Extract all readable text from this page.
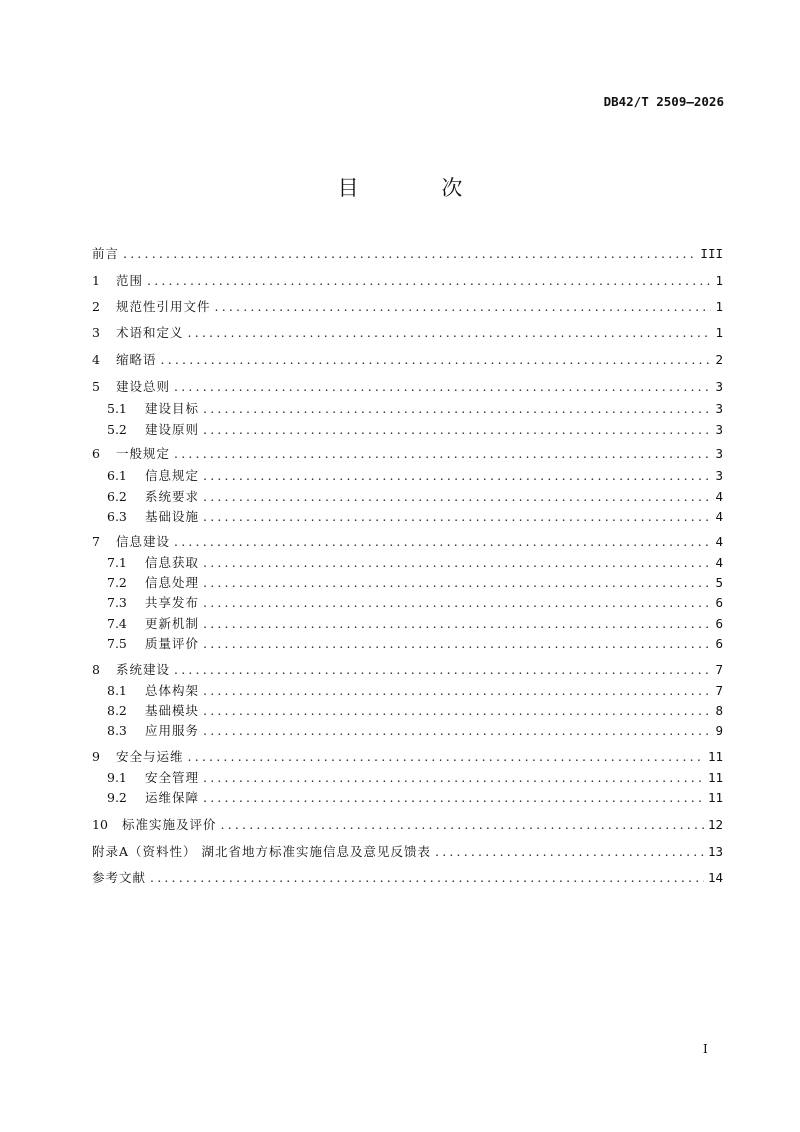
DB42/T 2509—2026
目 次
前言 .....	III
1	范围 .....	1
2	规范性引用文件 .....	1
3	术语和定义 .....	1
4	缩略语 .....	2
5	建设总则 .....	3
5.1	建设目标 .....	3
5.2	建设原则 .....	3
6	一般规定 .....	3
6.1	信息规定 .....	3
6.2	系统要求 .....	4
6.3	基础设施 .....	4
7	信息建设 .....	4
7.1	信息获取 .....	4
7.2	信息处理 .....	5
7.3	共享发布 .....	6
7.4	更新机制 .....	6
7.5	质量评价 .....	6
8	系统建设 .....	7
8.1	总体构架 .....	7
8.2	基础模块 .....	8
8.3	应用服务 .....	9
9	安全与运维 .....	11
9.1	安全管理 .....	11
9.2	运维保障 .....	11
10	标准实施及评价 .....	12
附录A（资料性） 湖北省地方标准实施信息及意见反馈表 .....	13
参考文献 .....	14
I
